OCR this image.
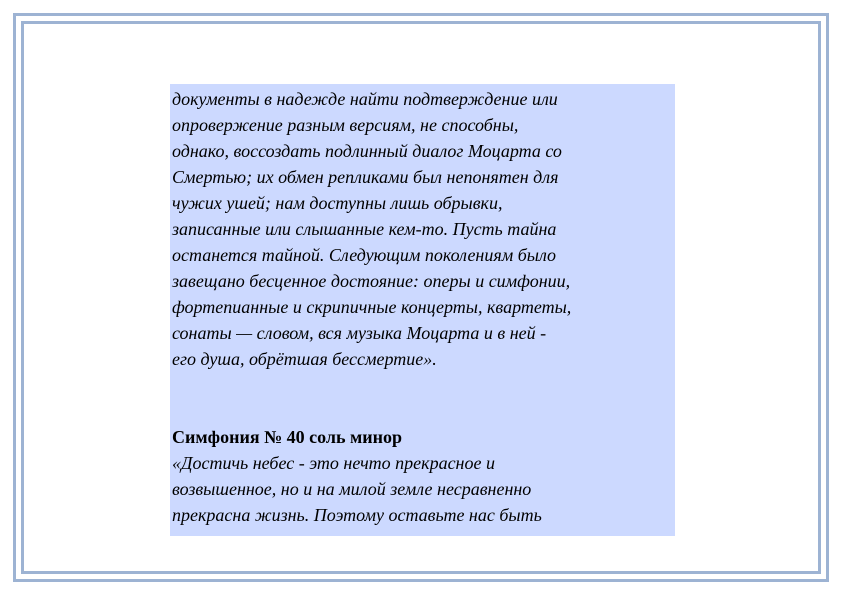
документы в надежде найти подтверждение или
опровержение разным версиям, не способны,
однако, воссоздать подлинный диалог Моцарта со
Смертью; их обмен репликами был непонятен для
чужих ушей; нам доступны лишь обрывки,
записанные или слышанные кем-то. Пусть тайна
останется тайной. Следующим поколениям было
завещано бесценное достояние: оперы и симфонии,
фортепианные и скрипичные концерты, квартеты,
сонаты — словом, вся музыка Моцарта и в ней -
его душа, обрётшая бессмертие».

Симфония № 40 соль минор

«Достичь небес - это нечто прекрасное и
возвышенное, но и на милой земле несравненно
прекрасна жизнь. Поэтому оставьте нас быть
